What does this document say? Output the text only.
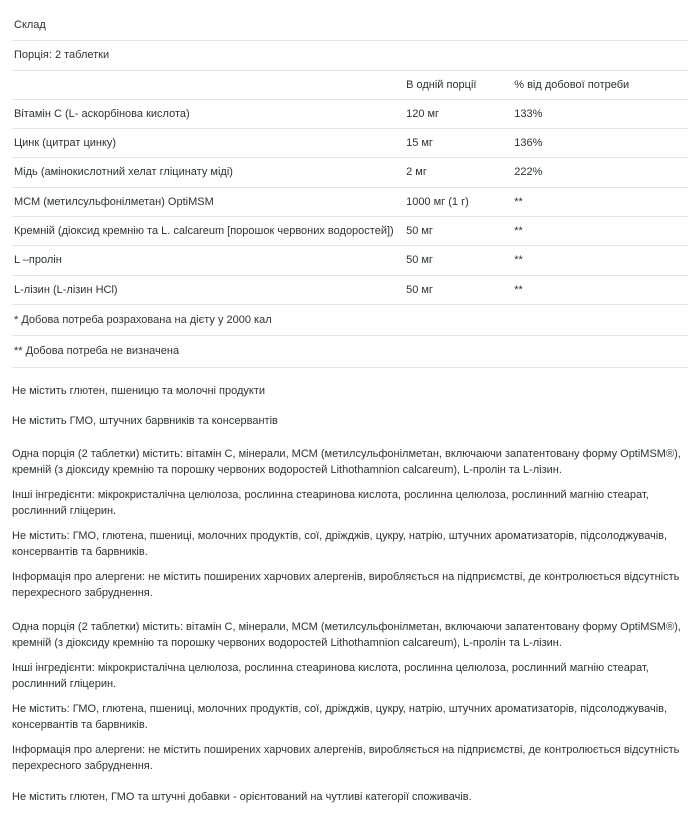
Склад		
Порція: 2 таблетки		
	В одній порції	% від добової потреби
Вітамін C (L- аскорбінова кислота)	120 мг	133%
Цинк (цитрат цинку)	15 мг	136%
Мідь (амінокислотний хелат гліцинату міді)	2 мг	222%
МСМ (метилсульфонілметан) OptiMSM	1000 мг (1 г)	**
Кремній (діоксид кремнію та L. calcareum [порошок червоних водоростей])	50 мг	**
L –пролін	50 мг	**
L-лізин (L-лізин HCl)	50 мг	**
* Добова потреба розрахована на дієту у 2000 кал		
** Добова потреба не визначена		
Не містить глютен, пшеницю та молочні продукти
Не містить ГМО, штучних барвників та консервантів
Одна порція (2 таблетки) містить: вітамін C, мінерали, МСМ (метилсульфонілметан, включаючи запатентовану форму OptiMSM®), кремній (з діоксиду кремнію та порошку червоних водоростей Lithothamnion calcareum), L-пролін та L-лізин.
Інші інгредієнти: мікрокристалічна целюлоза, рослинна стеаринова кислота, рослинна целюлоза, рослинний магнію стеарат, рослинний гліцерин.
Не містить: ГМО, глютена, пшениці, молочних продуктів, сої, дріжджів, цукру, натрію, штучних ароматизаторів, підсолоджувачів, консервантів та барвників.
Інформація про алергени: не містить поширених харчових алергенів, виробляється на підприємстві, де контролюється відсутність перехресного забруднення.
Одна порція (2 таблетки) містить: вітамін C, мінерали, МСМ (метилсульфонілметан, включаючи запатентовану форму OptiMSM®), кремній (з діоксиду кремнію та порошку червоних водоростей Lithothamnion calcareum), L-пролін та L-лізин.
Інші інгредієнти: мікрокристалічна целюлоза, рослинна стеаринова кислота, рослинна целюлоза, рослинний магнію стеарат, рослинний гліцерин.
Не містить: ГМО, глютена, пшениці, молочних продуктів, сої, дріжджів, цукру, натрію, штучних ароматизаторів, підсолоджувачів, консервантів та барвників.
Інформація про алергени: не містить поширених харчових алергенів, виробляється на підприємстві, де контролюється відсутність перехресного забруднення.
Не містить глютен, ГМО та штучні добавки - орієнтований на чутливі категорії споживачів.
